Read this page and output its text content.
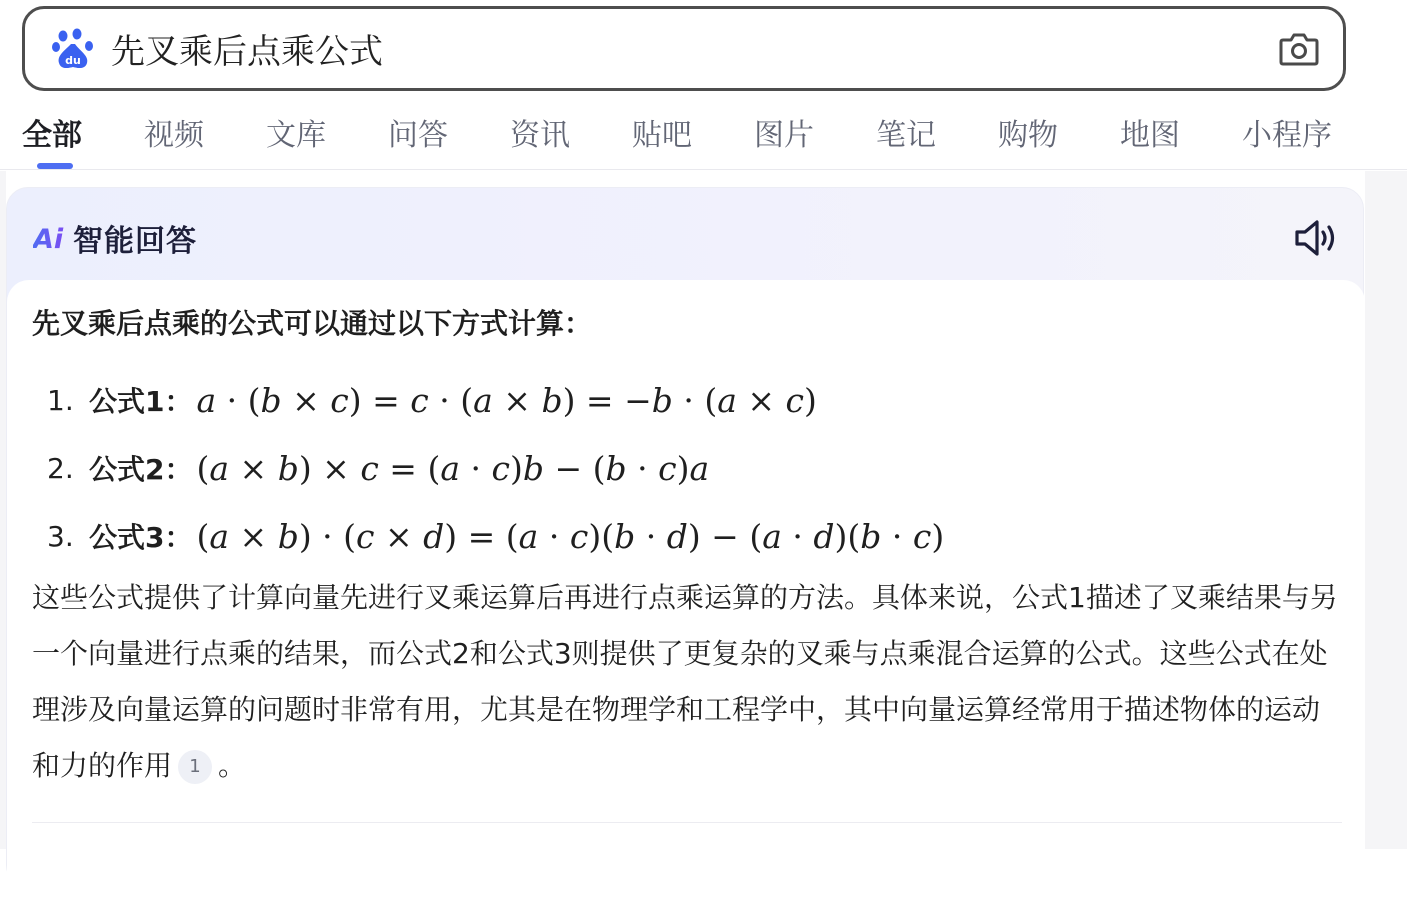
du
先叉乘后点乘公式
全部 视频 文库 问答 资讯 贴吧 图片 笔记 购物 地图 小程序
Ai 智能回答
先叉乘后点乘的公式可以通过以下方式计算：
1. 公式1： a · (b × c) = c · (a × b) = −b · (a × c)
2. 公式2： (a × b) × c = (a · c)b − (b · c)a
3. 公式3： (a × b) · (c × d) = (a · c)(b · d) − (a · d)(b · c)
这些公式提供了计算向量先进行叉乘运算后再进行点乘运算的方法。具体来说，公式1描述了叉乘结果与另一个向量进行点乘的结果，而公式2和公式3则提供了更复杂的叉乘与点乘混合运算的公式。这些公式在处理涉及向量运算的问题时非常有用，尤其是在物理学和工程学中，其中向量运算经常用于描述物体的运动和力的作用 1 。
